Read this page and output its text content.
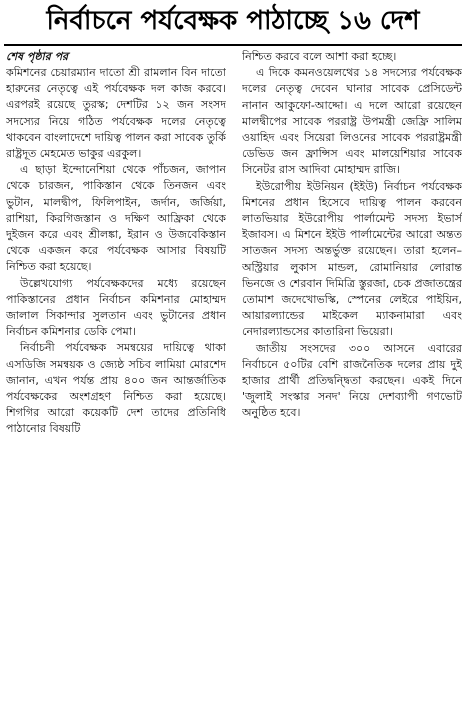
নির্বাচনে পর্যবেক্ষক পাঠাচ্ছে ১৬ দেশ
শেষ পৃষ্ঠার পর

কমিশনের চেয়ারম্যান দাতো শ্রী রামলান বিন দাতো হারুনের নেতৃত্বে এই পর্যবেক্ষক দল কাজ করবে। এরপরই রয়েছে তুরস্ক; দেশটির ১২ জন সংসদ সদস্যের নিয়ে গঠিত পর্যবেক্ষক দলের নেতৃত্বে থাকবেন বাংলাদেশে দায়িত্ব পালন করা সাবেক তুর্কি রাষ্ট্রদূত মেহমেত ভাকুর এরকুল।

এ ছাড়া ইন্দোনেশিয়া থেকে পাঁচজন, জাপান থেকে চারজন, পাকিস্তান থেকে তিনজন এবং ভুটান, মালদ্বীপ, ফিলিপাইন, জর্দান, জর্জিয়া, রাশিয়া, কিরগিজস্তান ও দক্ষিণ আফ্রিকা থেকে দুইজন করে এবং শ্রীলঙ্কা, ইরান ও উজবেকিস্তান থেকে একজন করে পর্যবেক্ষক আসার বিষয়টি নিশ্চিত করা হয়েছে।

উল্লেখযোগ্য পর্যবেক্ষকদের মধ্যে রয়েছেন পাকিস্তানের প্রধান নির্বাচন কমিশনার মোহাম্মদ জালাল সিকান্দার সুলতান এবং ভুটানের প্রধান নির্বাচন কমিশনার ডেকি পেমা।

নির্বাচনী পর্যবেক্ষক সমন্বয়ের দায়িত্বে থাকা এসডিজি সমন্বয়ক ও জ্যেষ্ঠ সচিব লামিয়া মোরশেদ জানান, এখন পর্যন্ত প্রায় ৪০০ জন আন্তর্জাতিক পর্যবেক্ষকের অংশগ্রহণ নিশ্চিত করা হয়েছে। শিগগির আরো কয়েকটি দেশ তাদের প্রতিনিধি পাঠানোর বিষয়টি

নিশ্চিত করবে বলে আশা করা হচ্ছে।

এ দিকে কমনওয়েলথের ১৪ সদস্যের পর্যবেক্ষক দলের নেতৃত্ব দেবেন ঘানার সাবেক প্রেসিডেন্ট নানান আকুফো-আদ্দো। এ দলে আরো রয়েছেন মালদ্বীপের সাবেক পররাষ্ট্র উপমন্ত্রী জেফ্রি সালিম ওয়াহিদ এবং সিয়েরা লিওনের সাবেক পররাষ্ট্রমন্ত্রী ডেভিড জন ফ্রান্সিস এবং মালয়েশিয়ার সাবেক সিনেটর রাস আদিবা মোহাম্মদ রাজি।

ইউরোপীয় ইউনিয়ন (ইইউ) নির্বাচন পর্যবেক্ষক মিশনের প্রধান হিসেবে দায়িত্ব পালন করবেন লাতভিয়ার ইউরোপীয় পার্লামেন্ট সদস্য ইভার্স ইজাবস। এ মিশনে ইইউ পার্লামেন্টের আরো অন্তত সাতজন সদস্য অন্তর্ভুক্ত রয়েছেন। তারা হলেন– অস্ট্রিয়ার লুকাস মান্ডল, রোমানিয়ার লোরান্ত ভিনজে ও শেরবান দিমিত্রি স্তুরজা, চেক প্রজাতন্ত্রের তোমাশ জদেখোভস্কি, স্পেনের লেইরে পাইয়িন, আয়ারল্যান্ডের মাইকেল ম্যাকনামারা এবং নেদারল্যান্ডসের কাতারিনা ভিয়েরা।

জাতীয় সংসদের ৩০০ আসনে এবারের নির্বাচনে ৫০টির বেশি রাজনৈতিক দলের প্রায় দুই হাজার প্রার্থী প্রতিদ্বন্দ্বিতা করছেন। একই দিনে 'জুলাই সংস্কার সনদ' নিয়ে দেশব্যাপী গণভোট অনুষ্ঠিত হবে।
